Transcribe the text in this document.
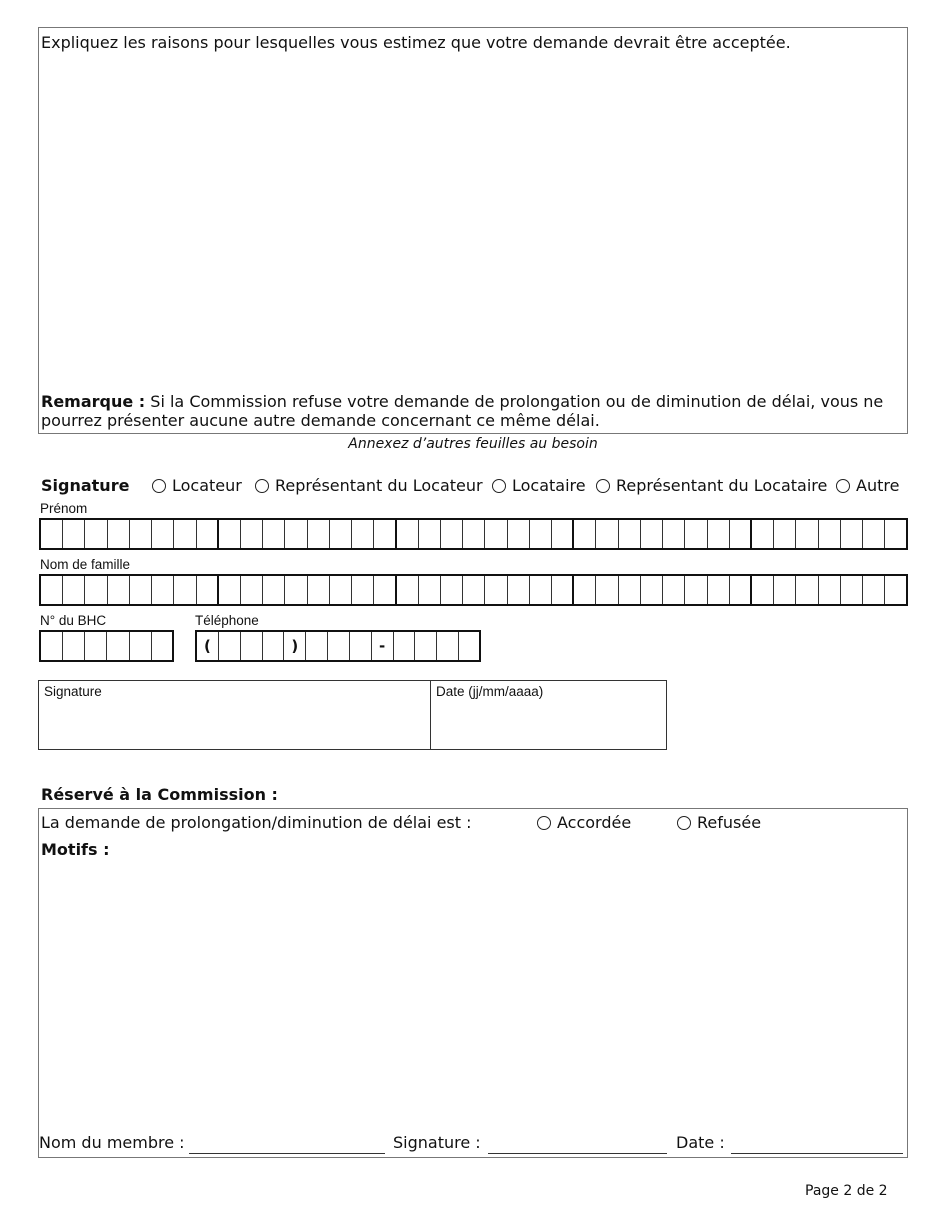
Expliquez les raisons pour lesquelles vous estimez que votre demande devrait être acceptée.
Remarque : Si la Commission refuse votre demande de prolongation ou de diminution de délai, vous ne pourrez présenter aucune autre demande concernant ce même délai.
Annexez d’autres feuilles au besoin
Signature	Locateur	Représentant du Locateur	Locataire	Représentant du Locataire	Autre
Prénom
Nom de famille
N° du BHC	Téléphone
(	)	-
Signature	Date (jj/mm/aaaa)
Réservé à la Commission :
La demande de prolongation/diminution de délai est :	Accordée	Refusée
Motifs :
Nom du membre :	Signature :	Date :
Page 2 de 2
